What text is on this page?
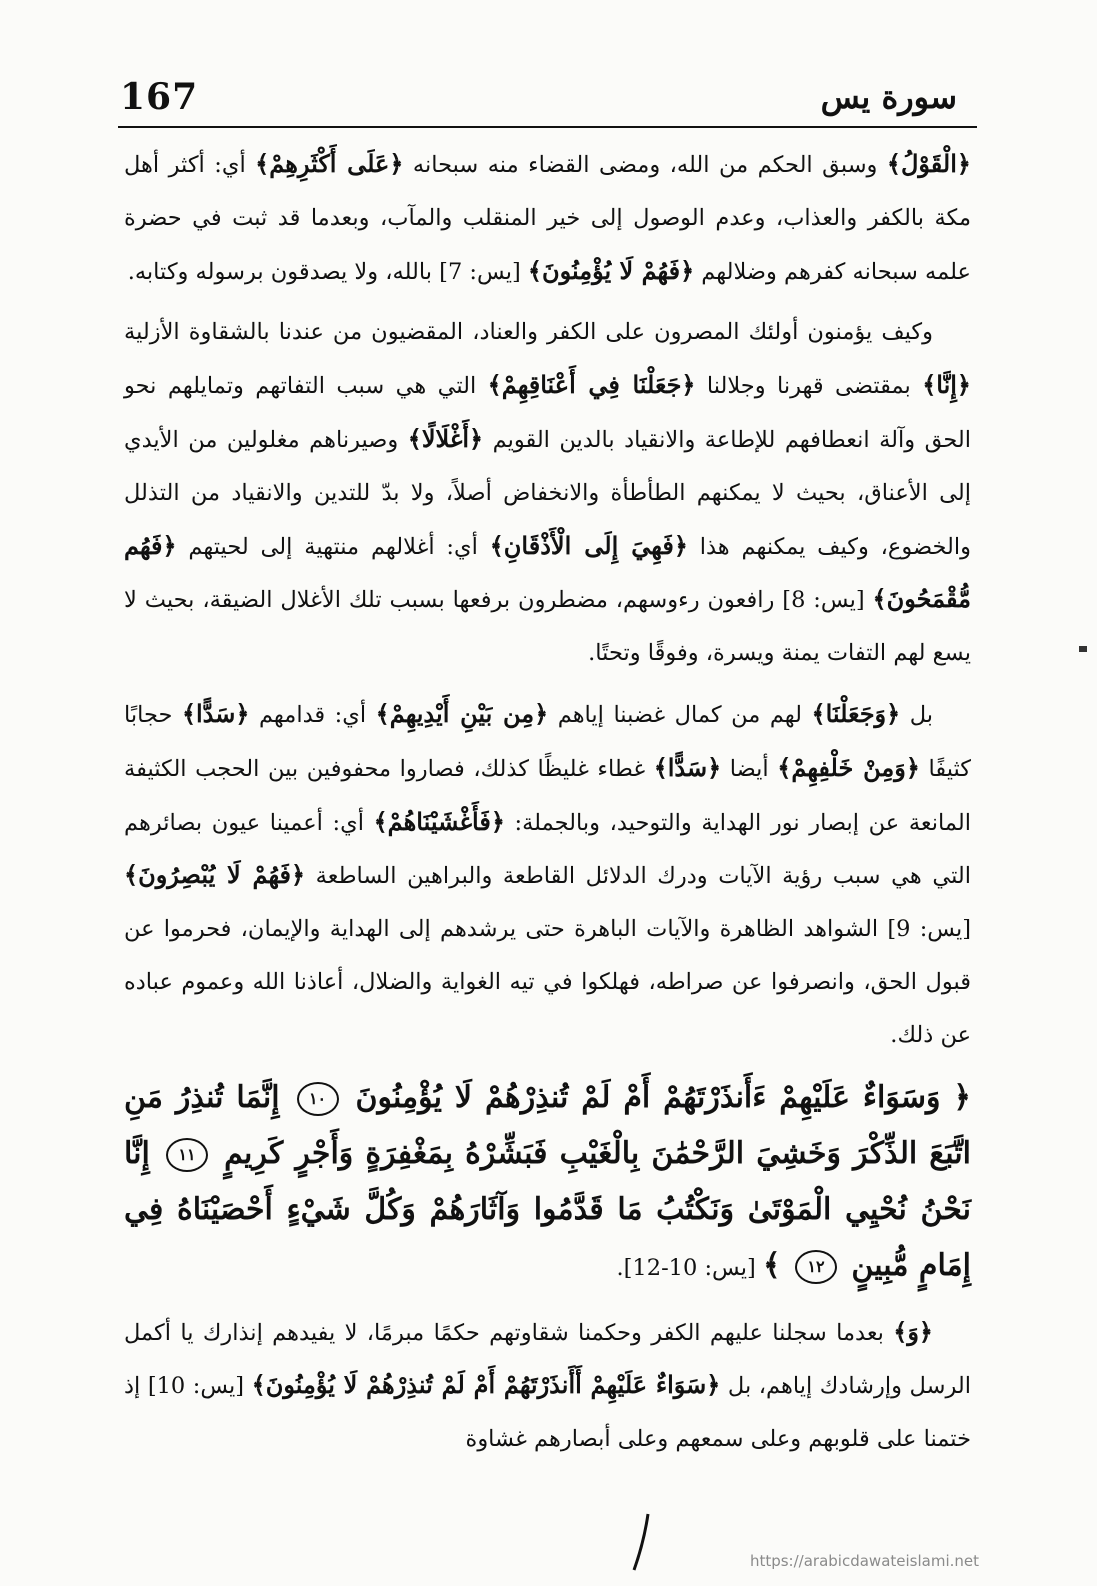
167	سورة يس

﴿الْقَوْلُ﴾ وسبق الحكم من الله، ومضى القضاء منه سبحانه ﴿عَلَى أَكْثَرِهِمْ﴾ أي: أكثر أهل مكة بالكفر والعذاب، وعدم الوصول إلى خير المنقلب والمآب، وبعدما قد ثبت في حضرة علمه سبحانه كفرهم وضلالهم ﴿فَهُمْ لَا يُؤْمِنُونَ﴾ [يس: 7] بالله، ولا يصدقون برسوله وكتابه.

وكيف يؤمنون أولئك المصرون على الكفر والعناد، المقضيون من عندنا بالشقاوة الأزلية ﴿إِنَّا﴾ بمقتضى قهرنا وجلالنا ﴿جَعَلْنَا فِي أَعْنَاقِهِمْ﴾ التي هي سبب التفاتهم وتمايلهم نحو الحق وآلة انعطافهم للإطاعة والانقياد بالدين القويم ﴿أَغْلَالًا﴾ وصيرناهم مغلولين من الأيدي إلى الأعناق، بحيث لا يمكنهم الطأطأة والانخفاض أصلاً، ولا بدّ للتدين والانقياد من التذلل والخضوع، وكيف يمكنهم هذا ﴿فَهِيَ إِلَى الْأَذْقَانِ﴾ أي: أغلالهم منتهية إلى لحيتهم ﴿فَهُم مُّقْمَحُونَ﴾ [يس: 8] رافعون رءوسهم، مضطرون برفعها بسبب تلك الأغلال الضيقة، بحيث لا يسع لهم التفات يمنة ويسرة، وفوقًا وتحتًا.

بل ﴿وَجَعَلْنَا﴾ لهم من كمال غضبنا إياهم ﴿مِن بَيْنِ أَيْدِيهِمْ﴾ أي: قدامهم ﴿سَدًّا﴾ حجابًا كثيفًا ﴿وَمِنْ خَلْفِهِمْ﴾ أيضا ﴿سَدًّا﴾ غطاء غليظًا كذلك، فصاروا محفوفين بين الحجب الكثيفة المانعة عن إبصار نور الهداية والتوحيد، وبالجملة: ﴿فَأَغْشَيْنَاهُمْ﴾ أي: أعمينا عيون بصائرهم التي هي سبب رؤية الآيات ودرك الدلائل القاطعة والبراهين الساطعة ﴿فَهُمْ لَا يُبْصِرُونَ﴾ [يس: 9] الشواهد الظاهرة والآيات الباهرة حتى يرشدهم إلى الهداية والإيمان، فحرموا عن قبول الحق، وانصرفوا عن صراطه، فهلكوا في تيه الغواية والضلال، أعاذنا الله وعموم عباده عن ذلك.

﴿ وَسَوَاءٌ عَلَيْهِمْ ءَأَنذَرْتَهُمْ أَمْ لَمْ تُنذِرْهُمْ لَا يُؤْمِنُونَ ١٠ إِنَّمَا تُنذِرُ مَنِ اتَّبَعَ الذِّكْرَ وَخَشِيَ الرَّحْمَٰنَ بِالْغَيْبِ فَبَشِّرْهُ بِمَغْفِرَةٍ وَأَجْرٍ كَرِيمٍ ١١ إِنَّا نَحْنُ نُحْيِي الْمَوْتَىٰ وَنَكْتُبُ مَا قَدَّمُوا وَآثَارَهُمْ وَكُلَّ شَيْءٍ أَحْصَيْنَاهُ فِي إِمَامٍ مُّبِينٍ ١٢ ﴾ [يس: 10-12].

﴿وَ﴾ بعدما سجلنا عليهم الكفر وحكمنا شقاوتهم حكمًا مبرمًا، لا يفيدهم إنذارك يا أكمل الرسل وإرشادك إياهم، بل ﴿سَوَاءٌ عَلَيْهِمْ أَأَنذَرْتَهُمْ أَمْ لَمْ تُنذِرْهُمْ لَا يُؤْمِنُونَ﴾ [يس: 10] إذ ختمنا على قلوبهم وعلى سمعهم وعلى أبصارهم غشاوة

https://arabicdawateislami.net
